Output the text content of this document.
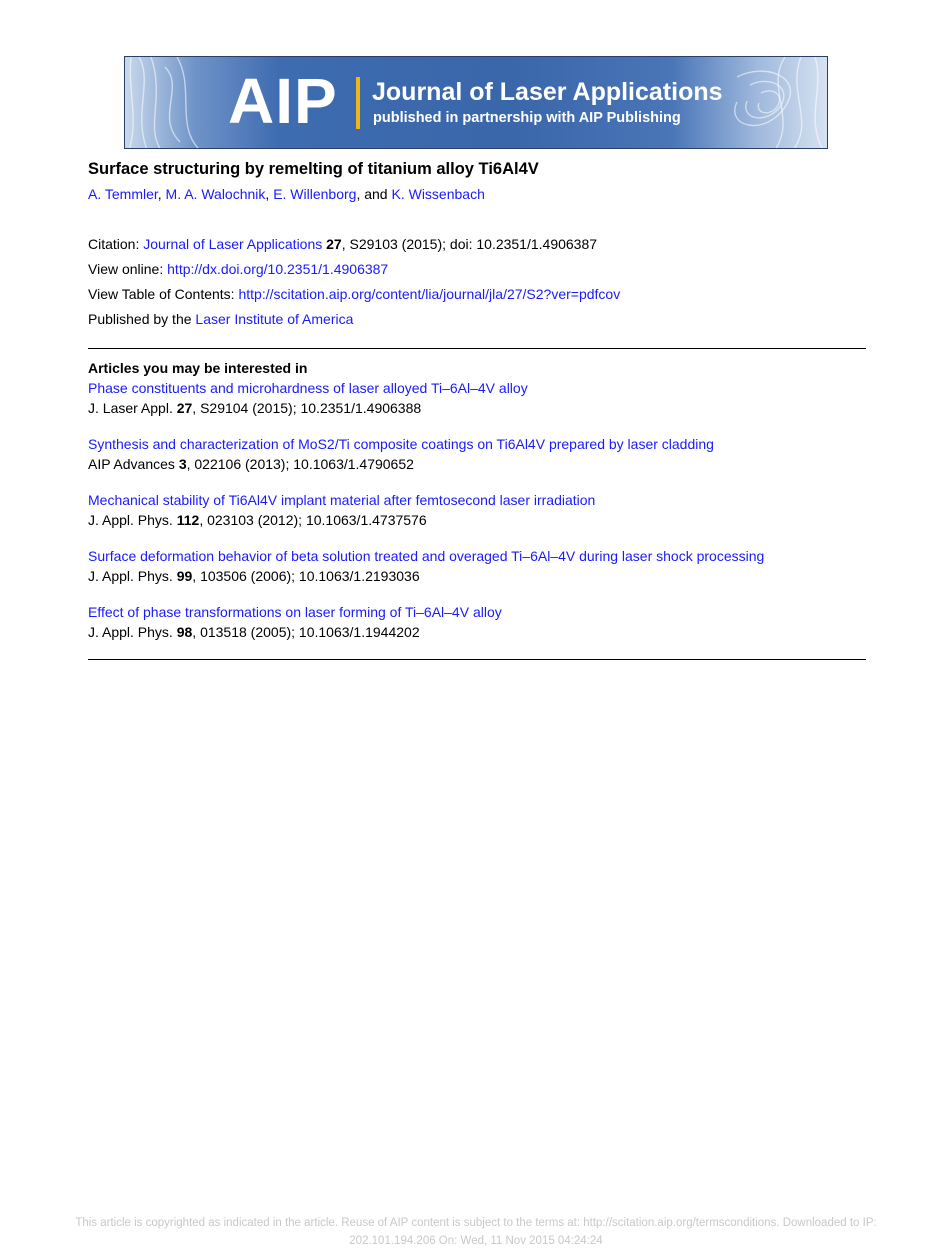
AIP Journal of Laser Applications
published in partnership with AIP Publishing
Surface structuring by remelting of titanium alloy Ti6Al4V
A. Temmler, M. A. Walochnik, E. Willenborg, and K. Wissenbach
Citation: Journal of Laser Applications 27, S29103 (2015); doi: 10.2351/1.4906387
View online: http://dx.doi.org/10.2351/1.4906387
View Table of Contents: http://scitation.aip.org/content/lia/journal/jla/27/S2?ver=pdfcov
Published by the Laser Institute of America
Articles you may be interested in
Phase constituents and microhardness of laser alloyed Ti–6Al–4V alloy
J. Laser Appl. 27, S29104 (2015); 10.2351/1.4906388
Synthesis and characterization of MoS2/Ti composite coatings on Ti6Al4V prepared by laser cladding
AIP Advances 3, 022106 (2013); 10.1063/1.4790652
Mechanical stability of Ti6Al4V implant material after femtosecond laser irradiation
J. Appl. Phys. 112, 023103 (2012); 10.1063/1.4737576
Surface deformation behavior of beta solution treated and overaged Ti–6Al–4V during laser shock processing
J. Appl. Phys. 99, 103506 (2006); 10.1063/1.2193036
Effect of phase transformations on laser forming of Ti–6Al–4V alloy
J. Appl. Phys. 98, 013518 (2005); 10.1063/1.1944202
This article is copyrighted as indicated in the article. Reuse of AIP content is subject to the terms at: http://scitation.aip.org/termsconditions. Downloaded to IP:
202.101.194.206 On: Wed, 11 Nov 2015 04:24:24
